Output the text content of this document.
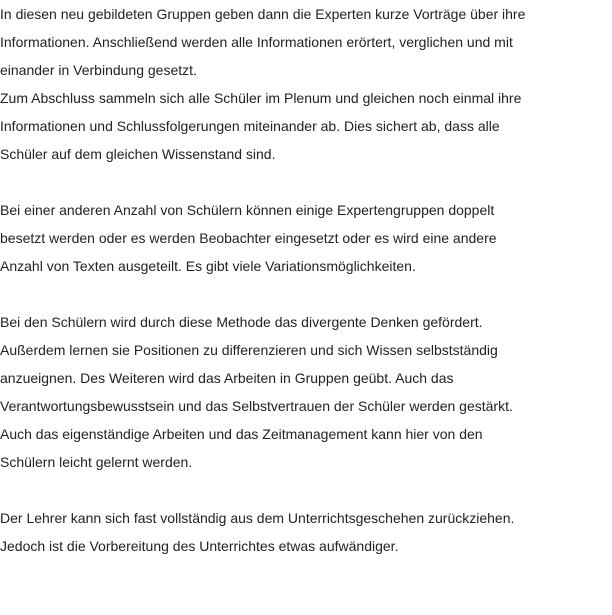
In diesen neu gebildeten Gruppen geben dann die Experten kurze Vorträge über ihre
Informationen. Anschließend werden alle Informationen erörtert, verglichen und mit
einander in Verbindung gesetzt.
Zum Abschluss sammeln sich alle Schüler im Plenum und gleichen noch einmal ihre
Informationen und Schlussfolgerungen miteinander ab. Dies sichert ab, dass alle
Schüler auf dem gleichen Wissenstand sind.
Bei einer anderen Anzahl von Schülern können einige Expertengruppen doppelt
besetzt werden oder es werden Beobachter eingesetzt oder es wird eine andere
Anzahl von Texten ausgeteilt. Es gibt viele Variationsmöglichkeiten.
Bei den Schülern wird durch diese Methode das divergente Denken gefördert.
Außerdem lernen sie Positionen zu differenzieren und sich Wissen selbstständig
anzueignen. Des Weiteren wird das Arbeiten in Gruppen geübt. Auch das
Verantwortungsbewusstsein und das Selbstvertrauen der Schüler werden gestärkt.
Auch das eigenständige Arbeiten und das Zeitmanagement kann hier von den
Schülern leicht gelernt werden.
Der Lehrer kann sich fast vollständig aus dem Unterrichtsgeschehen zurückziehen.
Jedoch ist die Vorbereitung des Unterrichtes etwas aufwändiger.
